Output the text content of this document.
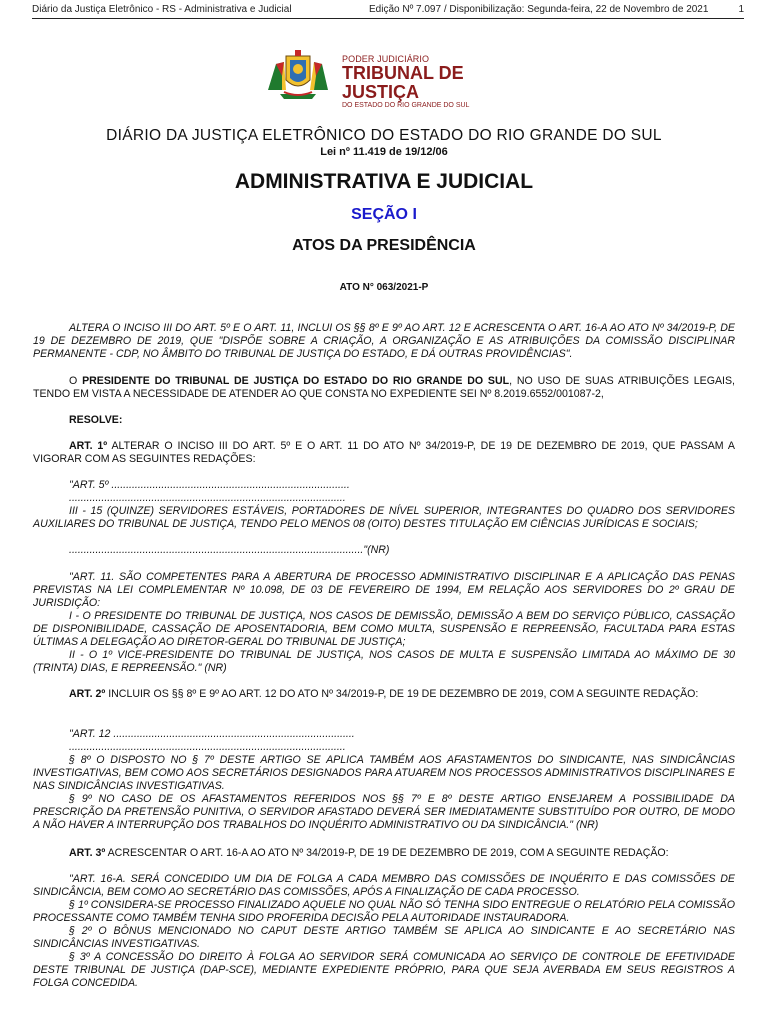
Diário da Justiça Eletrônico - RS - Administrativa e Judicial	Edição Nº 7.097 / Disponibilização: Segunda-feira, 22 de Novembro de 2021	1
PODER JUDICIÁRIO
TRIBUNAL DE JUSTIÇA
DO ESTADO DO RIO GRANDE DO SUL
DIÁRIO DA JUSTIÇA ELETRÔNICO DO ESTADO DO RIO GRANDE DO SUL
Lei nº 11.419 de 19/12/06
ADMINISTRATIVA E JUDICIAL
SEÇÃO I
ATOS DA PRESIDÊNCIA
ATO N° 063/2021-P
ALTERA O INCISO III DO ART. 5º E O ART. 11, INCLUI OS §§ 8º E 9º AO ART. 12 E ACRESCENTA O ART. 16-A AO ATO Nº 34/2019-P, DE 19 DE DEZEMBRO DE 2019, QUE "DISPÕE SOBRE A CRIAÇÃO, A ORGANIZAÇÃO E AS ATRIBUIÇÕES DA COMISSÃO DISCIPLINAR PERMANENTE - CDP, NO ÂMBITO DO TRIBUNAL DE JUSTIÇA DO ESTADO, E DÁ OUTRAS PROVIDÊNCIAS".
O PRESIDENTE DO TRIBUNAL DE JUSTIÇA DO ESTADO DO RIO GRANDE DO SUL, NO USO DE SUAS ATRIBUIÇÕES LEGAIS, TENDO EM VISTA A NECESSIDADE DE ATENDER AO QUE CONSTA NO EXPEDIENTE SEI Nº 8.2019.6552/001087-2,
RESOLVE:
ART. 1º ALTERAR O INCISO III DO ART. 5º E O ART. 11 DO ATO Nº 34/2019-P, DE 19 DE DEZEMBRO DE 2019, QUE PASSAM A VIGORAR COM AS SEGUINTES REDAÇÕES:
"ART. 5º .................................................................................
..............................................................................................
III - 15 (QUINZE) SERVIDORES ESTÁVEIS, PORTADORES DE NÍVEL SUPERIOR, INTEGRANTES DO QUADRO DOS SERVIDORES AUXILIARES DO TRIBUNAL DE JUSTIÇA, TENDO PELO MENOS 08 (OITO) DESTES TITULAÇÃO EM CIÊNCIAS JURÍDICAS E SOCIAIS;
...................................................................................................."(NR)
"ART. 11. SÃO COMPETENTES PARA A ABERTURA DE PROCESSO ADMINISTRATIVO DISCIPLINAR E A APLICAÇÃO DAS PENAS PREVISTAS NA LEI COMPLEMENTAR Nº 10.098, DE 03 DE FEVEREIRO DE 1994, EM RELAÇÃO AOS SERVIDORES DO 2º GRAU DE JURISDIÇÃO:
I - O PRESIDENTE DO TRIBUNAL DE JUSTIÇA, NOS CASOS DE DEMISSÃO, DEMISSÃO A BEM DO SERVIÇO PÚBLICO, CASSAÇÃO DE DISPONIBILIDADE, CASSAÇÃO DE APOSENTADORIA, BEM COMO MULTA, SUSPENSÃO E REPREENSÃO, FACULTADA PARA ESTAS ÚLTIMAS A DELEGAÇÃO AO DIRETOR-GERAL DO TRIBUNAL DE JUSTIÇA;
II - O 1º VICE-PRESIDENTE DO TRIBUNAL DE JUSTIÇA, NOS CASOS DE MULTA E SUSPENSÃO LIMITADA AO MÁXIMO DE 30 (TRINTA) DIAS, E REPREENSÃO." (NR)
ART. 2º INCLUIR OS §§ 8º E 9º AO ART. 12 DO ATO Nº 34/2019-P, DE 19 DE DEZEMBRO DE 2019, COM A SEGUINTE REDAÇÃO:
"ART. 12 ..................................................................................
..............................................................................................
§ 8º O DISPOSTO NO § 7º DESTE ARTIGO SE APLICA TAMBÉM AOS AFASTAMENTOS DO SINDICANTE, NAS SINDICÂNCIAS INVESTIGATIVAS, BEM COMO AOS SECRETÁRIOS DESIGNADOS PARA ATUAREM NOS PROCESSOS ADMINISTRATIVOS DISCIPLINARES E NAS SINDICÂNCIAS INVESTIGATIVAS.
§ 9º NO CASO DE OS AFASTAMENTOS REFERIDOS NOS §§ 7º E 8º DESTE ARTIGO ENSEJAREM A POSSIBILIDADE DA PRESCRIÇÃO DA PRETENSÃO PUNITIVA, O SERVIDOR AFASTADO DEVERÁ SER IMEDIATAMENTE SUBSTITUÍDO POR OUTRO, DE MODO A NÃO HAVER A INTERRUPÇÃO DOS TRABALHOS DO INQUÉRITO ADMINISTRATIVO OU DA SINDICÂNCIA." (NR)
ART. 3º ACRESCENTAR O ART. 16-A AO ATO Nº 34/2019-P, DE 19 DE DEZEMBRO DE 2019, COM A SEGUINTE REDAÇÃO:
"ART. 16-A. SERÁ CONCEDIDO UM DIA DE FOLGA A CADA MEMBRO DAS COMISSÕES DE INQUÉRITO E DAS COMISSÕES DE SINDICÂNCIA, BEM COMO AO SECRETÁRIO DAS COMISSÕES, APÓS A FINALIZAÇÃO DE CADA PROCESSO.
§ 1º CONSIDERA-SE PROCESSO FINALIZADO AQUELE NO QUAL NÃO SÓ TENHA SIDO ENTREGUE O RELATÓRIO PELA COMISSÃO PROCESSANTE COMO TAMBÉM TENHA SIDO PROFERIDA DECISÃO PELA AUTORIDADE INSTAURADORA.
§ 2º O BÔNUS MENCIONADO NO CAPUT DESTE ARTIGO TAMBÉM SE APLICA AO SINDICANTE E AO SECRETÁRIO NAS SINDICÂNCIAS INVESTIGATIVAS.
§ 3º A CONCESSÃO DO DIREITO À FOLGA AO SERVIDOR SERÁ COMUNICADA AO SERVIÇO DE CONTROLE DE EFETIVIDADE DESTE TRIBUNAL DE JUSTIÇA (DAP-SCE), MEDIANTE EXPEDIENTE PRÓPRIO, PARA QUE SEJA AVERBADA EM SEUS REGISTROS A FOLGA CONCEDIDA.
